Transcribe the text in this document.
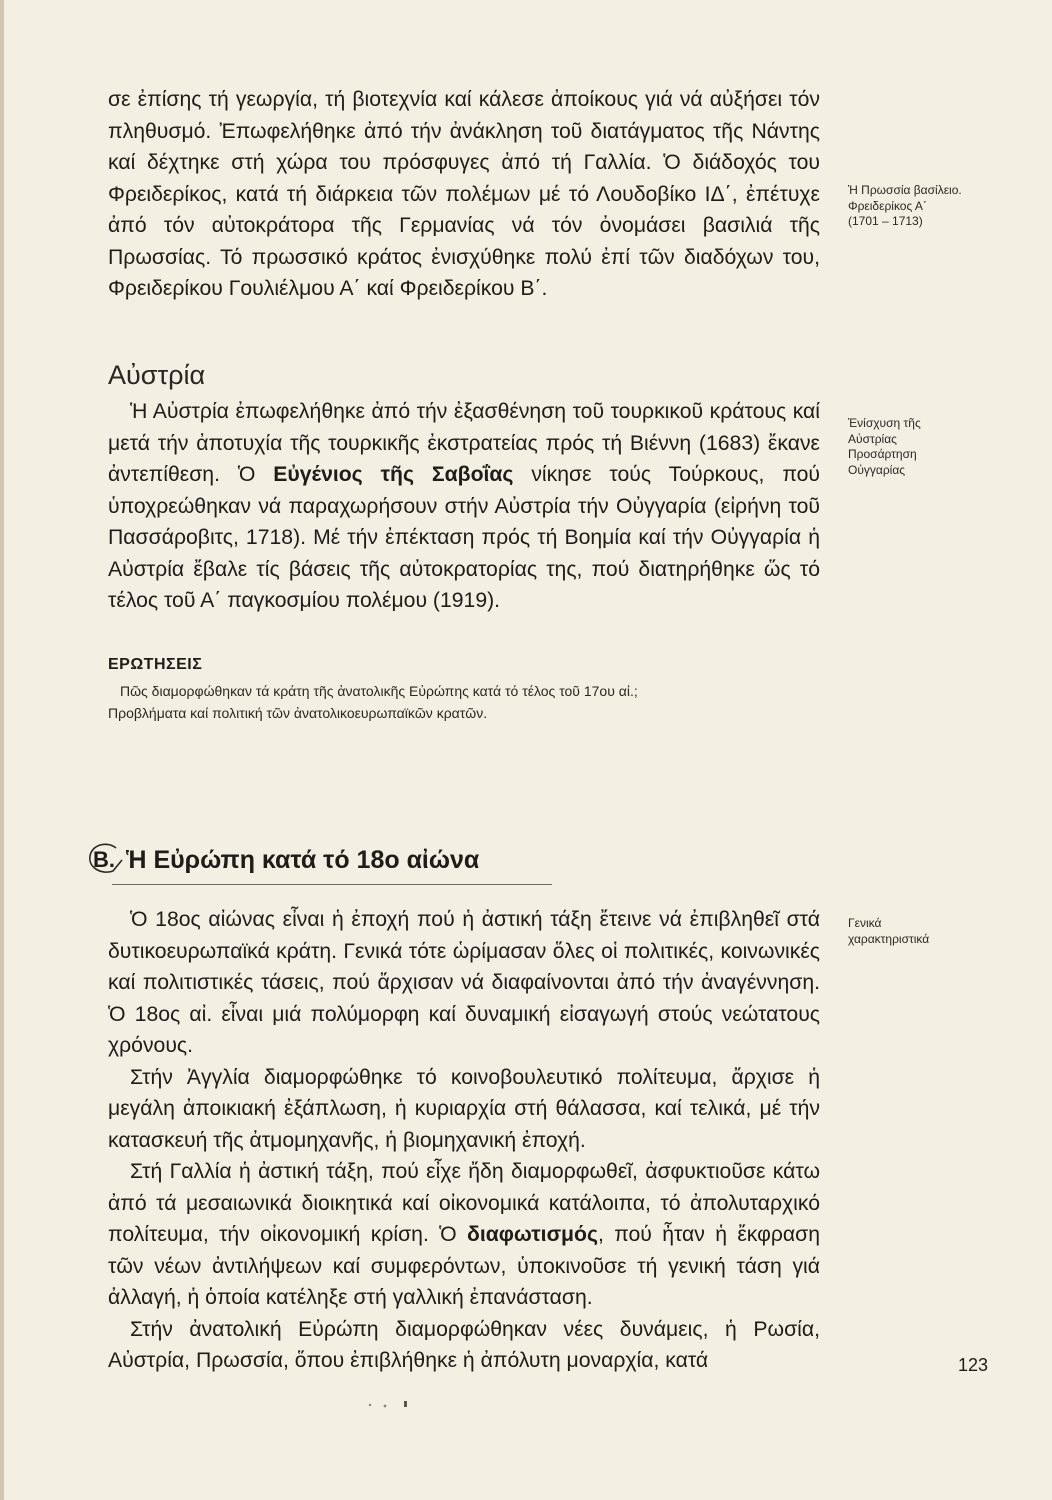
σε ἐπίσης τή γεωργία, τή βιοτεχνία καί κάλεσε ἀποίκους γιά νά αὐξήσει τόν πληθυσμό. Ἐπωφελήθηκε ἀπό τήν ἀνάκληση τοῦ διατάγματος τῆς Νάντης καί δέχτηκε στή χώρα του πρόσφυγες ἀπό τή Γαλλία. Ὁ διάδοχός του Φρειδερίκος, κατά τή διάρκεια τῶν πολέμων μέ τό Λουδοβίκο ΙΔ΄, ἐπέτυχε ἀπό τόν αὐτοκράτορα τῆς Γερμανίας νά τόν ὀνομάσει βασιλιά τῆς Πρωσσίας. Τό πρωσσικό κράτος ἐνισχύθηκε πολύ ἐπί τῶν διαδόχων του, Φρειδερίκου Γουλιέλμου Α΄ καί Φρειδερίκου Β΄.

Ἡ Πρωσσία βασίλειο.
Φρειδερίκος Α΄
(1701 – 1713)
Αὐστρία

Ἡ Αὐστρία ἐπωφελήθηκε ἀπό τήν ἐξασθένηση τοῦ τουρκικοῦ κράτους καί μετά τήν ἀποτυχία τῆς τουρκικῆς ἐκστρατείας πρός τή Βιέννη (1683) ἔκανε ἀντεπίθεση. Ὁ Εὐγένιος τῆς Σαβοΐας νίκησε τούς Τούρκους, πού ὑποχρεώθηκαν νά παραχωρήσουν στήν Αὐστρία τήν Οὐγγαρία (εἰρήνη τοῦ Πασσάροβιτς, 1718). Μέ τήν ἐπέκταση πρός τή Βοημία καί τήν Οὐγγαρία ἡ Αὐστρία ἔβαλε τίς βάσεις τῆς αὐτοκρατορίας της, πού διατηρήθηκε ὥς τό τέλος τοῦ Α΄ παγκοσμίου πολέμου (1919).

Ἐνίσχυση τῆς
Αὐστρίας
Προσάρτηση
Οὐγγαρίας
ΕΡΩΤΗΣΕΙΣ
Πῶς διαμορφώθηκαν τά κράτη τῆς ἀνατολικῆς Εὐρώπης κατά τό τέλος τοῦ 17ου αἰ.;
Προβλήματα καί πολιτική τῶν ἀνατολικοευρωπαϊκῶν κρατῶν.
Β. Ἡ Εὐρώπη κατά τό 18ο αἰώνα

Ὁ 18ος αἰώνας εἶναι ἡ ἐποχή πού ἡ ἀστική τάξη ἔτεινε νά ἐπιβληθεῖ στά δυτικοευρωπαϊκά κράτη. Γενικά τότε ὡρίμασαν ὅλες οἱ πολιτικές, κοινωνικές καί πολιτιστικές τάσεις, πού ἄρχισαν νά διαφαίνονται ἀπό τήν ἀναγέννηση. Ὁ 18ος αἰ. εἶναι μιά πολύμορφη καί δυναμική εἰσαγωγή στούς νεώτατους χρόνους.

Στήν Ἀγγλία διαμορφώθηκε τό κοινοβουλευτικό πολίτευμα, ἄρχισε ἡ μεγάλη ἀποικιακή ἐξάπλωση, ἡ κυριαρχία στή θάλασσα, καί τελικά, μέ τήν κατασκευή τῆς ἀτμομηχανῆς, ἡ βιομηχανική ἐποχή.

Στή Γαλλία ἡ ἀστική τάξη, πού εἶχε ἤδη διαμορφωθεῖ, ἀσφυκτιοῦσε κάτω ἀπό τά μεσαιωνικά διοικητικά καί οἰκονομικά κατάλοιπα, τό ἀπολυταρχικό πολίτευμα, τήν οἰκονομική κρίση. Ὁ διαφωτισμός, πού ἦταν ἡ ἔκφραση τῶν νέων ἀντιλήψεων καί συμφερόντων, ὑποκινοῦσε τή γενική τάση γιά ἀλλαγή, ἡ ὁποία κατέληξε στή γαλλική ἐπανάσταση.

Στήν ἀνατολική Εὐρώπη διαμορφώθηκαν νέες δυνάμεις, ἡ Ρωσία, Αὐστρία, Πρωσσία, ὅπου ἐπιβλήθηκε ἡ ἀπόλυτη μοναρχία, κατά

Γενικά
χαρακτηριστικά
123
